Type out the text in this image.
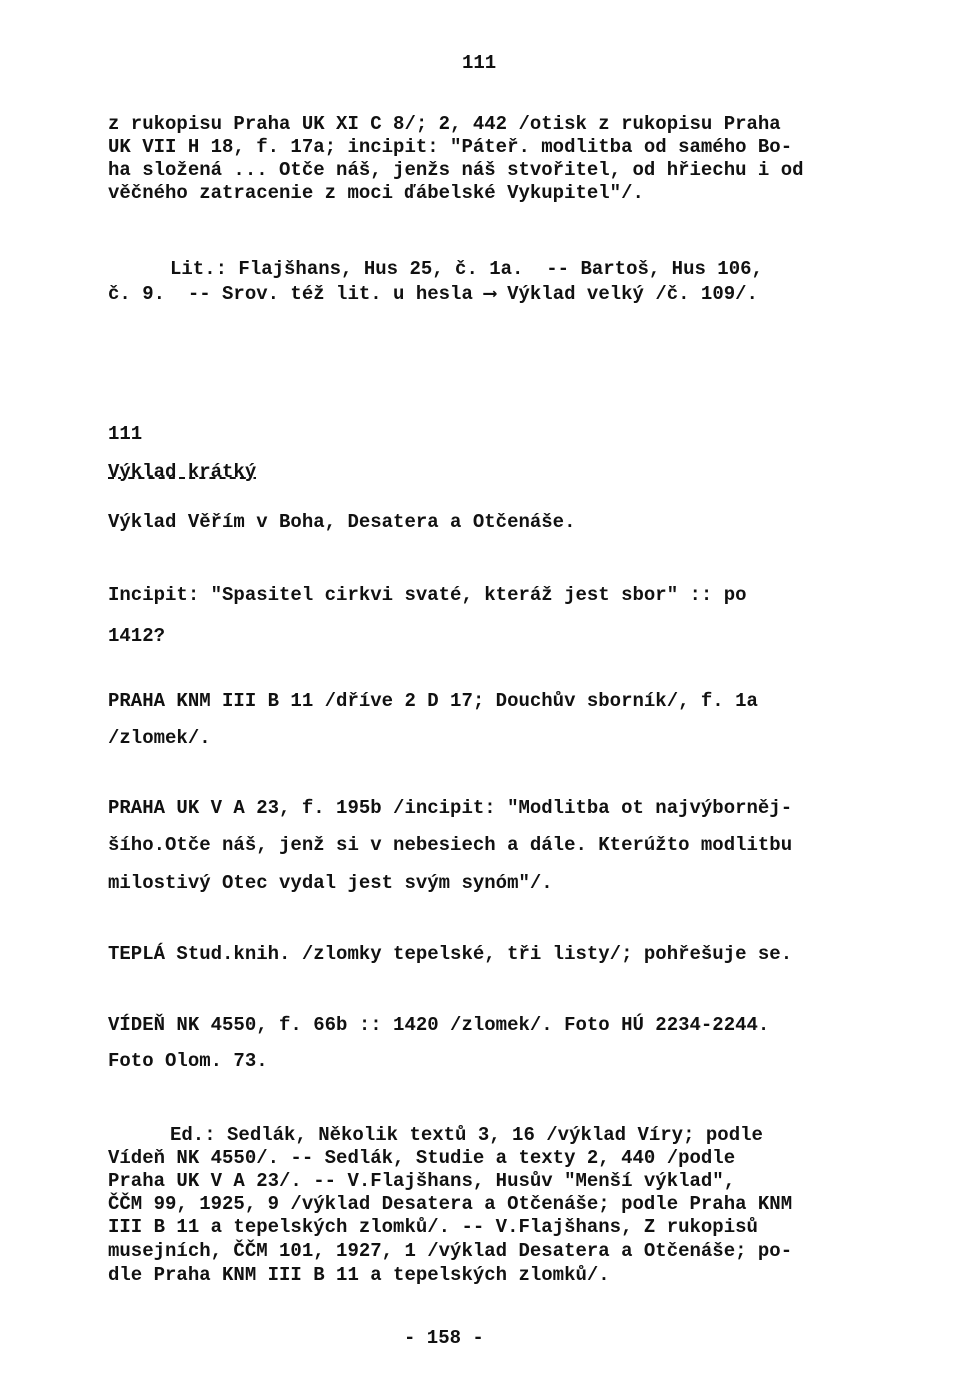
111
z rukopisu Praha UK XI C 8/; 2, 442 /otisk z rukopisu Praha
UK VII H 18, f. 17a; incipit: "Páteř. modlitba od samého Bo-
ha složená ... Otče náš, jenžs náš stvořitel, od hřiechu i od
věčného zatracenie z moci ďábelské Vykupitel"/.
Lit.: Flajšhans, Hus 25, č. 1a.  -- Bartoš, Hus 106,
č. 9.  -- Srov. též lit. u hesla ⟶ Výklad velký /č. 109/.
111
Výklad krátký
Výklad Věřím v Boha, Desatera a Otčenáše.
Incipit: "Spasitel cirkvi svaté, kteráž jest sbor" :: po
1412?
PRAHA KNM III B 11 /dříve 2 D 17; Douchův sborník/, f. 1a
/zlomek/.
PRAHA UK V A 23, f. 195b /incipit: "Modlitba ot najvýborněj-
šího.Otče náš, jenž si v nebesiech a dále. Kterúžto modlitbu
milostivý Otec vydal jest svým synóm"/.
TEPLÁ Stud.knih. /zlomky tepelské, tři listy/; pohřešuje se.
VÍDEŇ NK 4550, f. 66b :: 1420 /zlomek/. Foto HÚ 2234-2244.
Foto Olom. 73.
Ed.: Sedlák, Několik textů 3, 16 /výklad Víry; podle
Vídeň NK 4550/. -- Sedlák, Studie a texty 2, 440 /podle
Praha UK V A 23/. -- V.Flajšhans, Husův "Menší výklad",
ČČM 99, 1925, 9 /výklad Desatera a Otčenáše; podle Praha KNM
III B 11 a tepelských zlomků/. -- V.Flajšhans, Z rukopisů
musejních, ČČM 101, 1927, 1 /výklad Desatera a Otčenáše; po-
dle Praha KNM III B 11 a tepelských zlomků/.
- 158 -
